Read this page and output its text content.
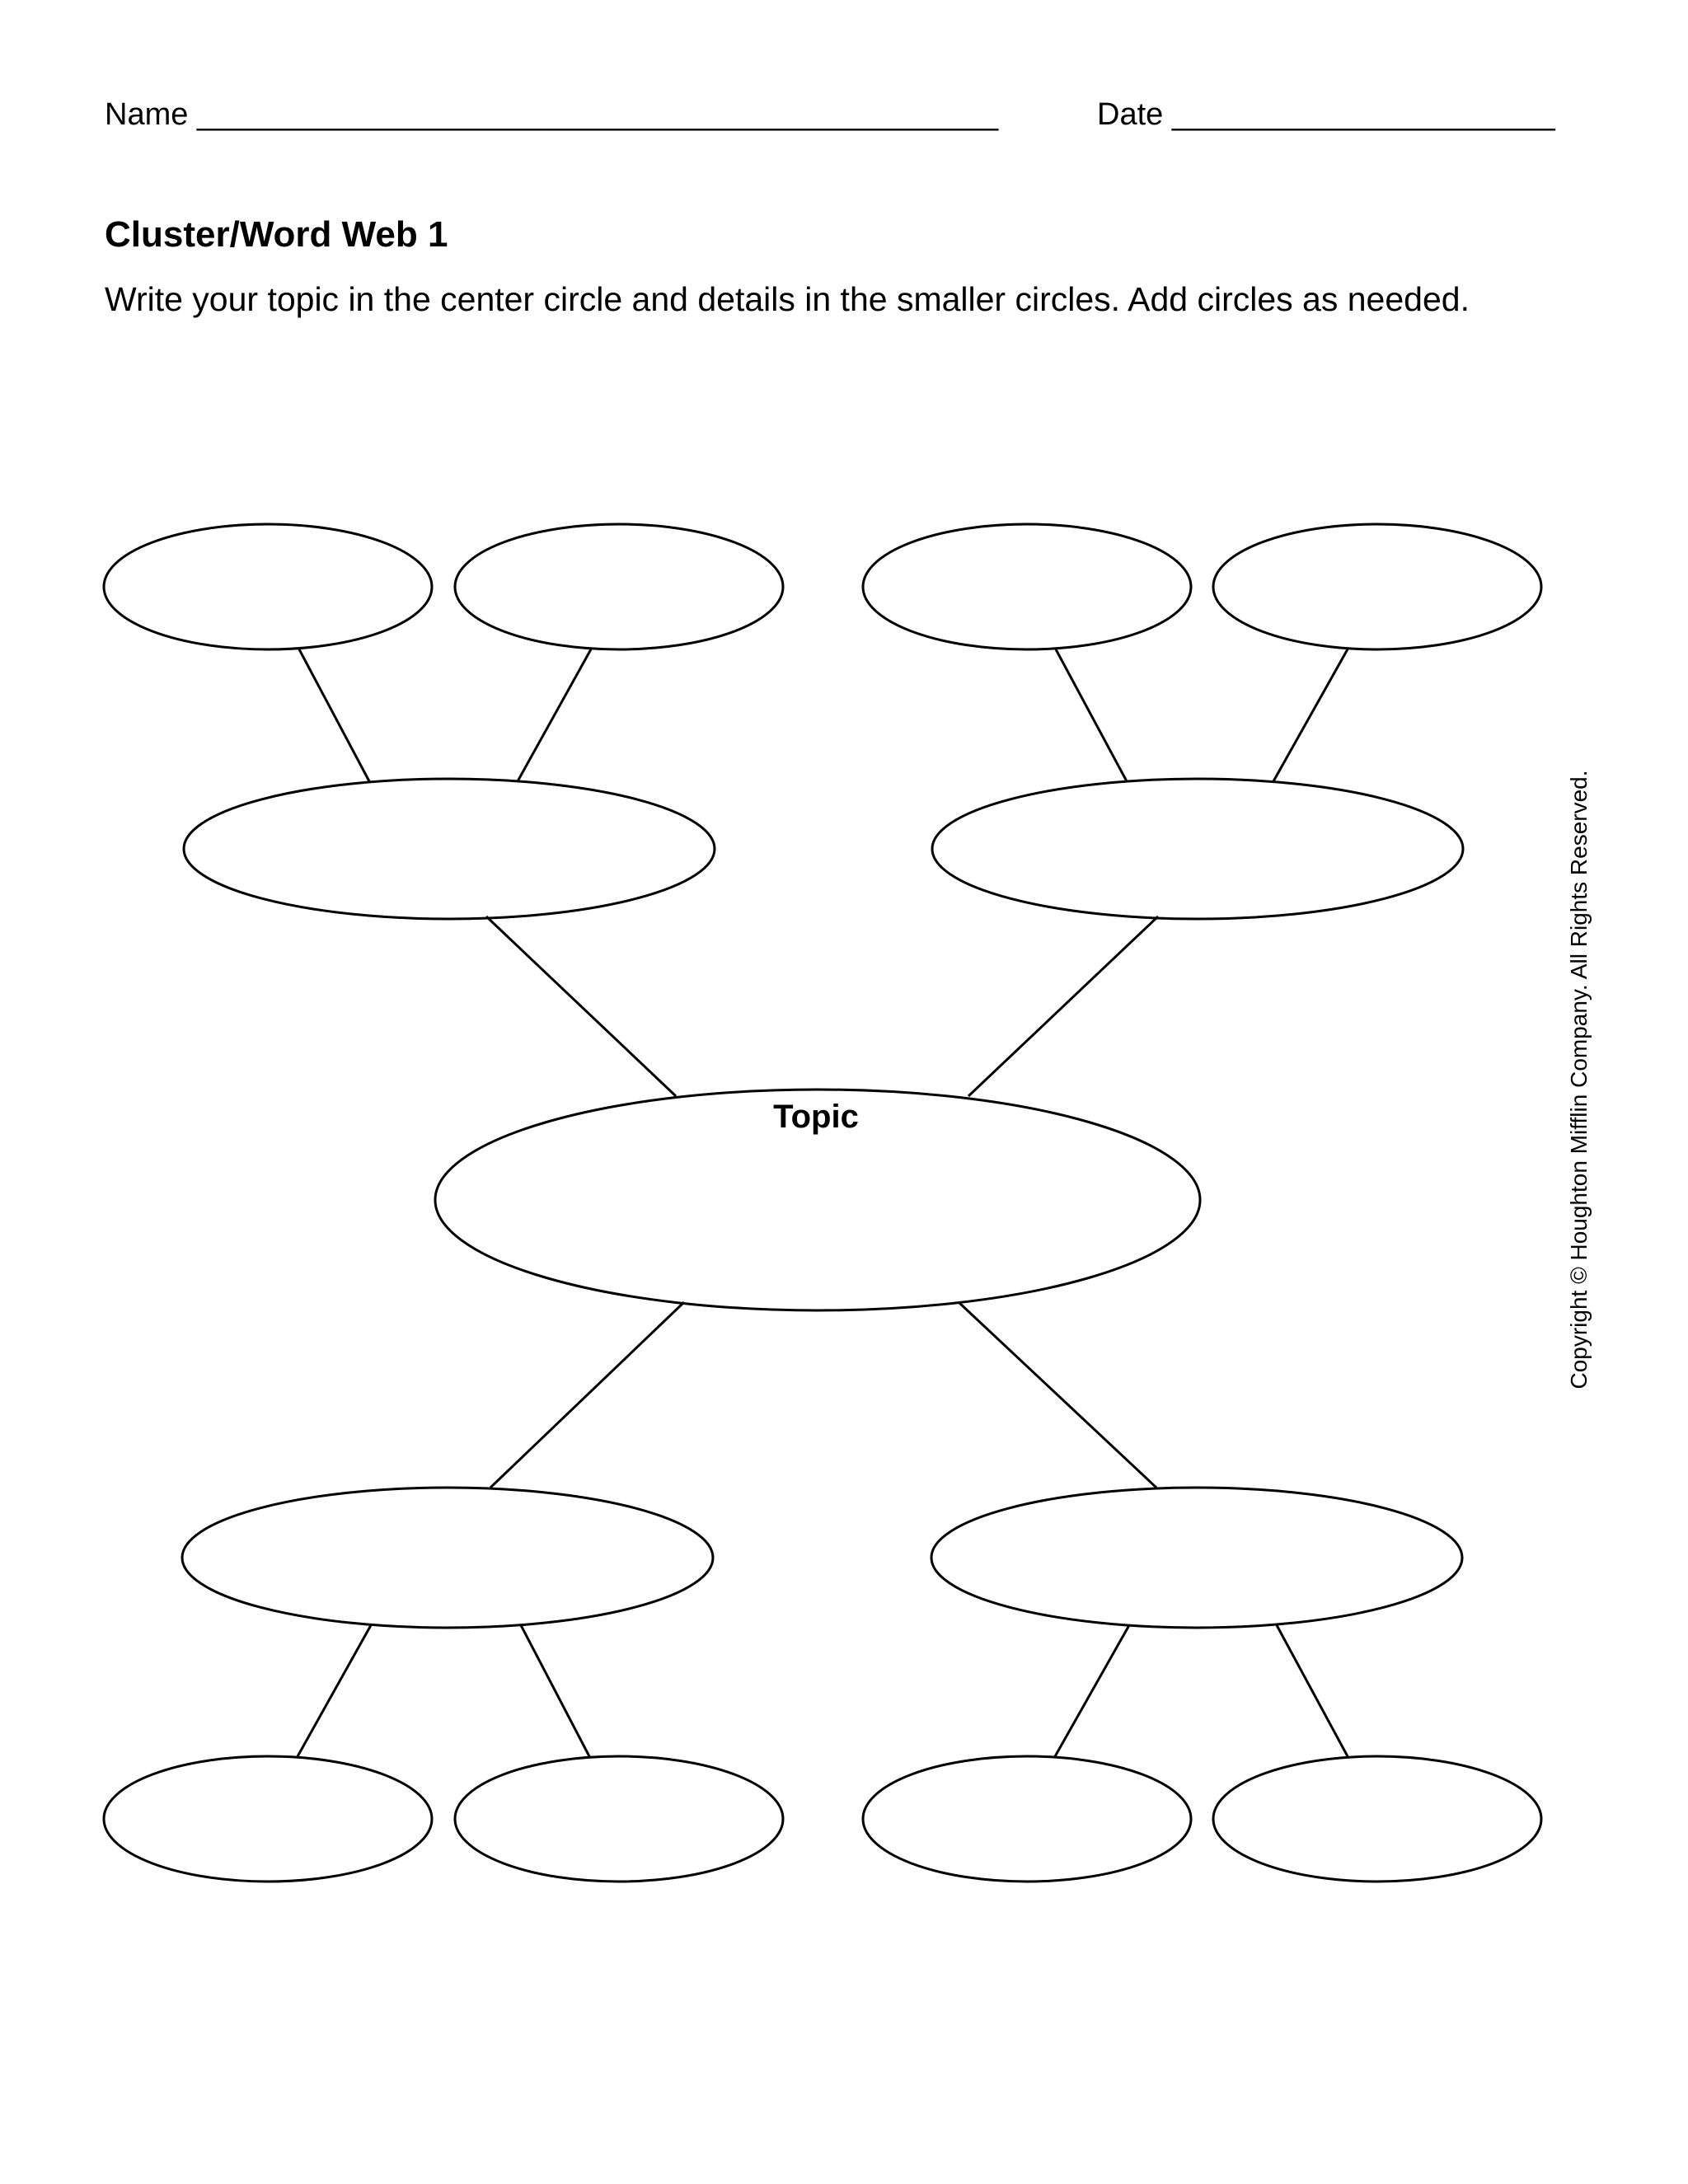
Name ______________________________________________	Date ______________________
Cluster/Word Web 1
Write your topic in the center circle and details in the smaller circles. Add circles as needed.
Topic	Copyright © Houghton Mifflin Company. All Rights Reserved.
